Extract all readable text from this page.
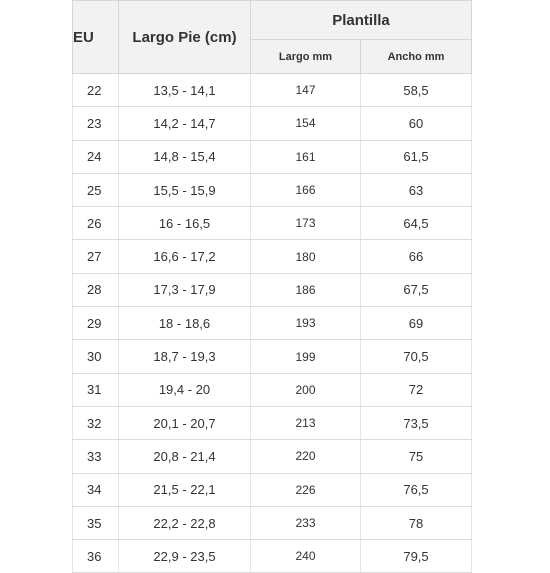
EU	Largo Pie (cm)	Plantilla	
		Largo mm	Ancho mm
22	13,5 - 14,1	147	58,5
23	14,2 - 14,7	154	60
24	14,8 - 15,4	161	61,5
25	15,5 - 15,9	166	63
26	16 - 16,5	173	64,5
27	16,6 - 17,2	180	66
28	17,3 - 17,9	186	67,5
29	18 - 18,6	193	69
30	18,7 - 19,3	199	70,5
31	19,4 - 20	200	72
32	20,1 - 20,7	213	73,5
33	20,8 - 21,4	220	75
34	21,5 - 22,1	226	76,5
35	22,2 - 22,8	233	78
36	22,9 - 23,5	240	79,5
